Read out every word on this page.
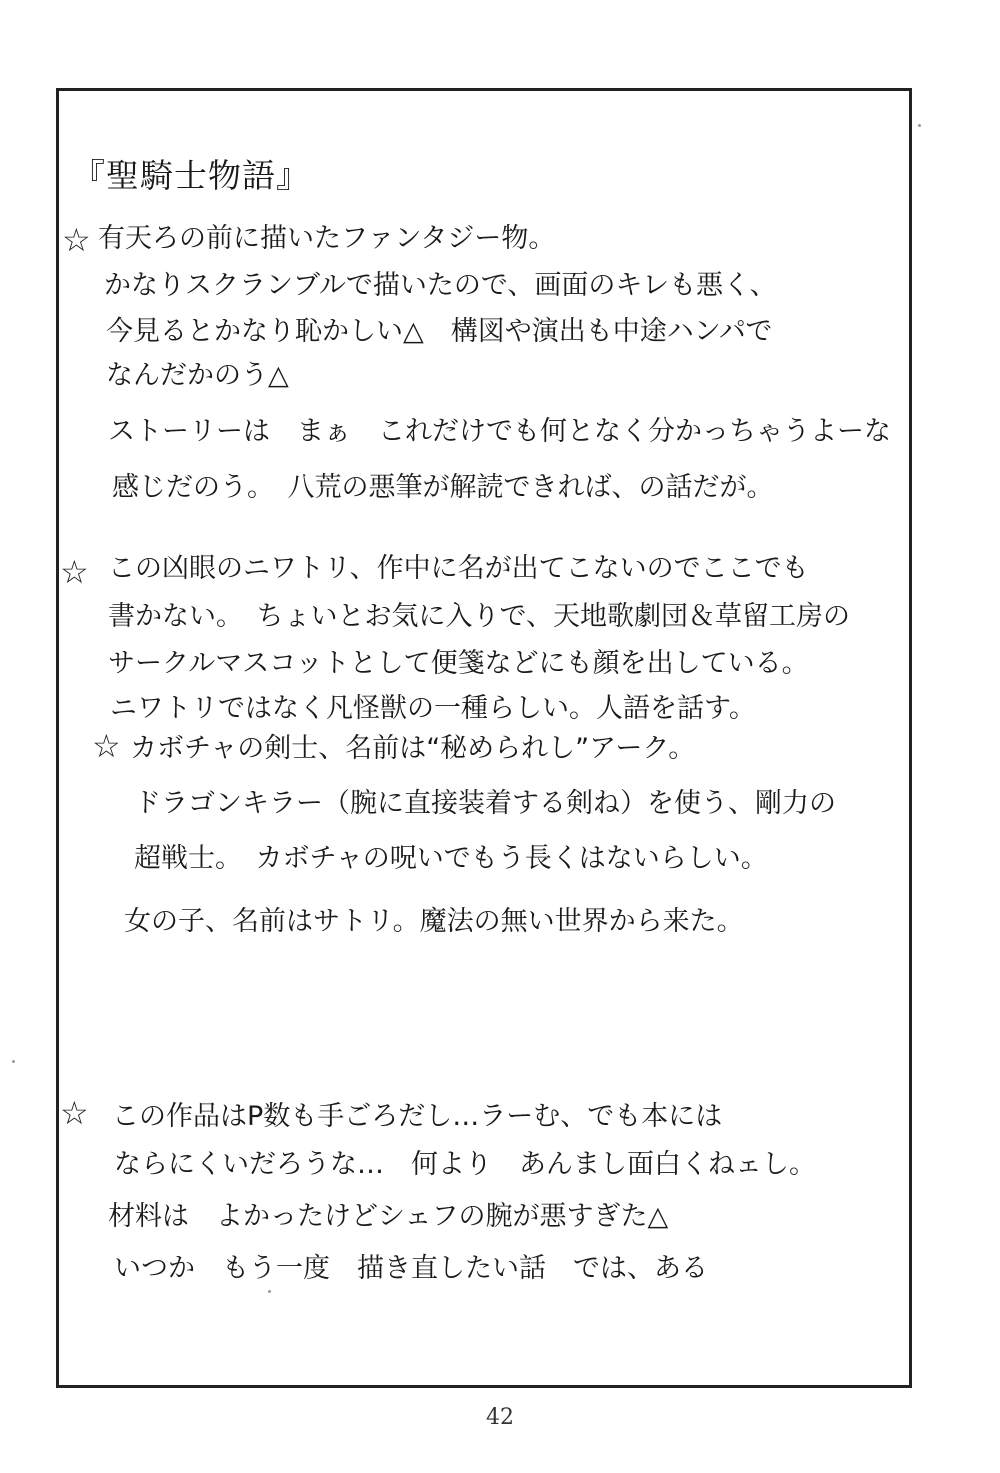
『聖騎士物語』
☆ 有天ろの前に描いたファンタジー物。
かなりスクランブルで描いたので、画面のキレも悪く、
今見るとかなり恥かしい△　構図や演出も中途ハンパで
なんだかのう△
ストーリーは　まぁ　これだけでも何となく分かっちゃうよーな
感じだのう。　八荒の悪筆が解読できれば、の話だが。
☆ この凶眼のニワトリ、作中に名が出てこないのでここでも
書かない。　ちょいとお気に入りで、天地歌劇団＆草留工房の
サークルマスコットとして便箋などにも顔を出している。
ニワトリではなく凡怪獣の一種らしい。人語を話す。
☆ カボチャの剣士、名前は“秘められし”アーク。
ドラゴンキラー（腕に直接装着する剣ね）を使う、剛力の
超戦士。　カボチャの呪いでもう長くはないらしい。
女の子、名前はサトリ。魔法の無い世界から来た。
☆ この作品はP数も手ごろだし…ラーむ、でも本には
ならにくいだろうな…　何より　あんまし面白くねェし。
材料は　よかったけどシェフの腕が悪すぎた△
いつか　もう一度　描き直したい話　では、ある
42
